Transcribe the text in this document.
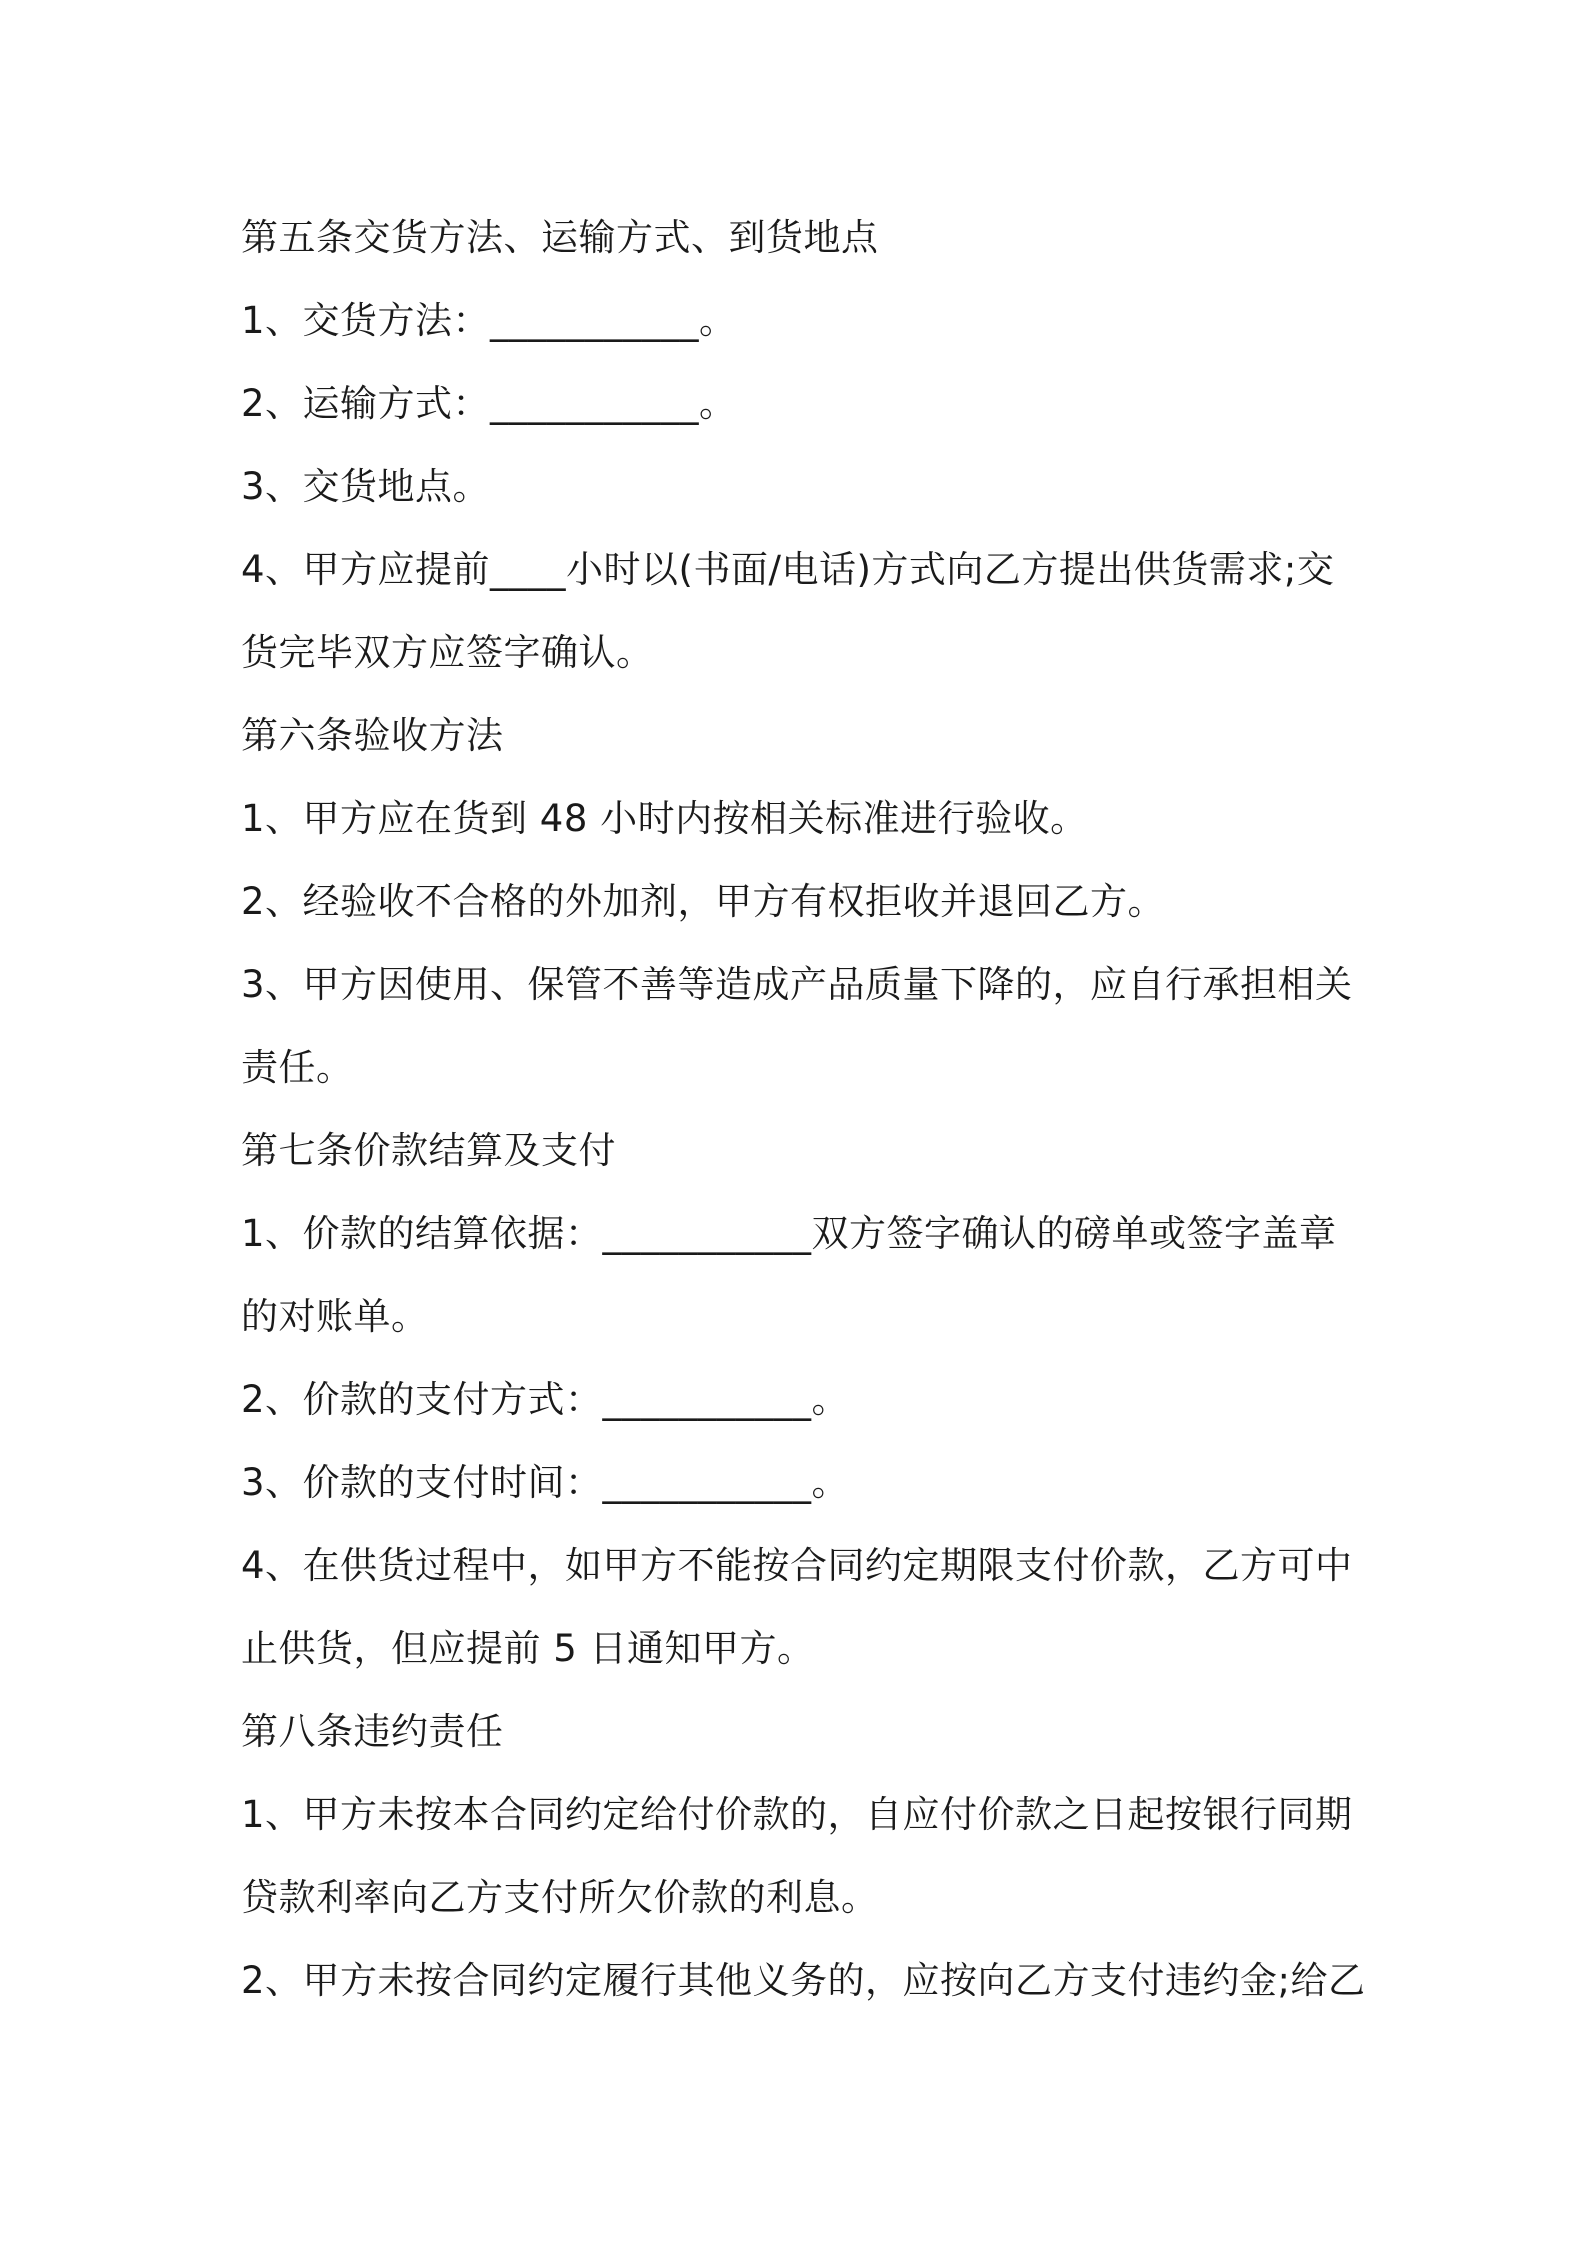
第五条交货方法、运输方式、到货地点
1、交货方法：___________。
2、运输方式：___________。
3、交货地点。
4、甲方应提前____小时以(书面/电话)方式向乙方提出供货需求;交
货完毕双方应签字确认。
第六条验收方法
1、甲方应在货到 48 小时内按相关标准进行验收。
2、经验收不合格的外加剂，甲方有权拒收并退回乙方。
3、甲方因使用、保管不善等造成产品质量下降的，应自行承担相关
责任。
第七条价款结算及支付
1、价款的结算依据：___________双方签字确认的磅单或签字盖章
的对账单。
2、价款的支付方式：___________。
3、价款的支付时间：___________。
4、在供货过程中，如甲方不能按合同约定期限支付价款，乙方可中
止供货，但应提前 5 日通知甲方。
第八条违约责任
1、甲方未按本合同约定给付价款的，自应付价款之日起按银行同期
贷款利率向乙方支付所欠价款的利息。
2、甲方未按合同约定履行其他义务的，应按向乙方支付违约金;给乙
